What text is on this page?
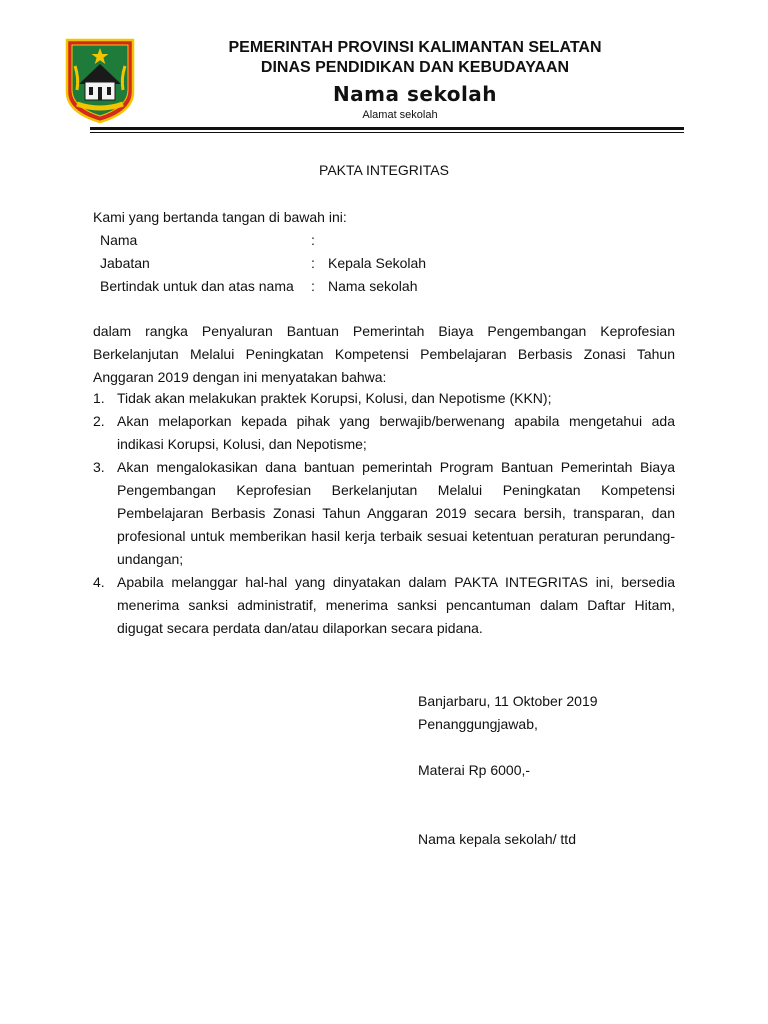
PEMERINTAH PROVINSI KALIMANTAN SELATAN
DINAS PENDIDIKAN DAN KEBUDAYAAN
Nama sekolah
Alamat sekolah
PAKTA INTEGRITAS
Kami yang bertanda tangan di bawah ini:
Nama	:
Jabatan	: Kepala Sekolah
Bertindak untuk dan atas nama : Nama sekolah
dalam rangka Penyaluran Bantuan Pemerintah Biaya Pengembangan Keprofesian Berkelanjutan Melalui Peningkatan Kompetensi Pembelajaran Berbasis Zonasi Tahun Anggaran 2019 dengan ini menyatakan bahwa:
1. Tidak akan melakukan praktek Korupsi, Kolusi, dan Nepotisme (KKN);
2. Akan melaporkan kepada pihak yang berwajib/berwenang apabila mengetahui ada indikasi Korupsi, Kolusi, dan Nepotisme;
3. Akan mengalokasikan dana bantuan pemerintah Program Bantuan Pemerintah Biaya Pengembangan Keprofesian Berkelanjutan Melalui Peningkatan Kompetensi Pembelajaran Berbasis Zonasi Tahun Anggaran 2019 secara bersih, transparan, dan profesional untuk memberikan hasil kerja terbaik sesuai ketentuan peraturan perundang-undangan;
4. Apabila melanggar hal-hal yang dinyatakan dalam PAKTA INTEGRITAS ini, bersedia menerima sanksi administratif, menerima sanksi pencantuman dalam Daftar Hitam, digugat secara perdata dan/atau dilaporkan secara pidana.
Banjarbaru, 11 Oktober 2019
Penanggungjawab,
Materai Rp 6000,-
Nama kepala sekolah/ ttd
